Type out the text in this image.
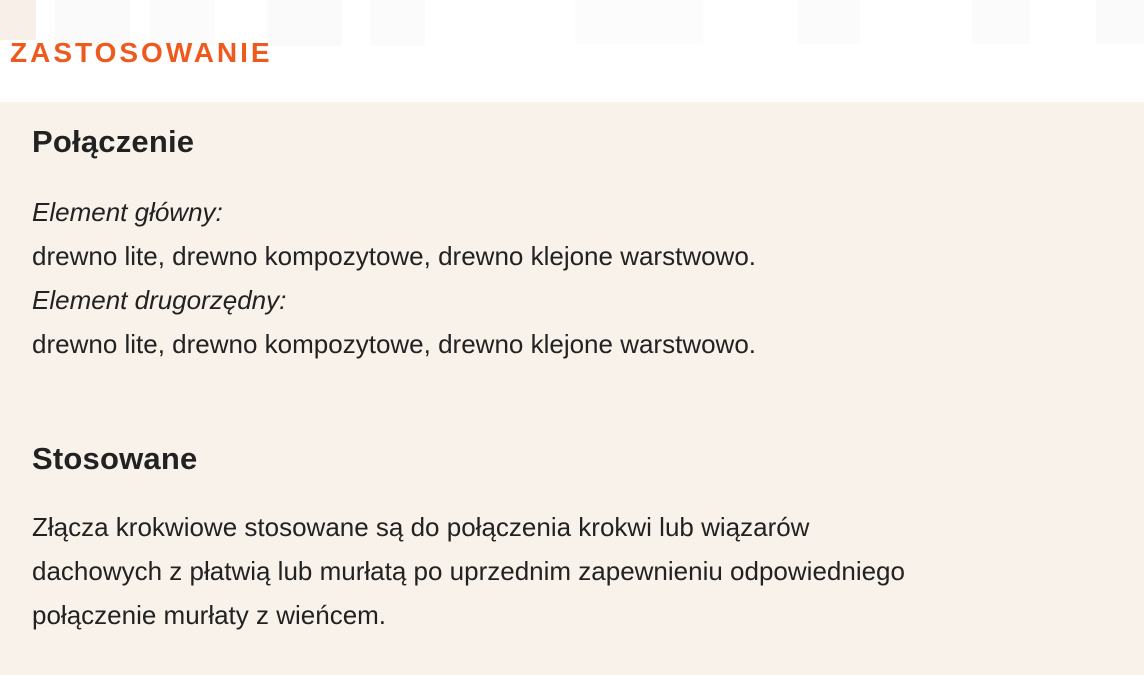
ZASTOSOWANIE
Połączenie
Element główny:
drewno lite, drewno kompozytowe, drewno klejone warstwowo.
Element drugorzędny:
drewno lite, drewno kompozytowe, drewno klejone warstwowo.
Stosowane
Złącza krokwiowe stosowane są do połączenia krokwi lub wiązarów
dachowych z płatwią lub murłatą po uprzednim zapewnieniu odpowiedniego
połączenie murłaty z wieńcem.
